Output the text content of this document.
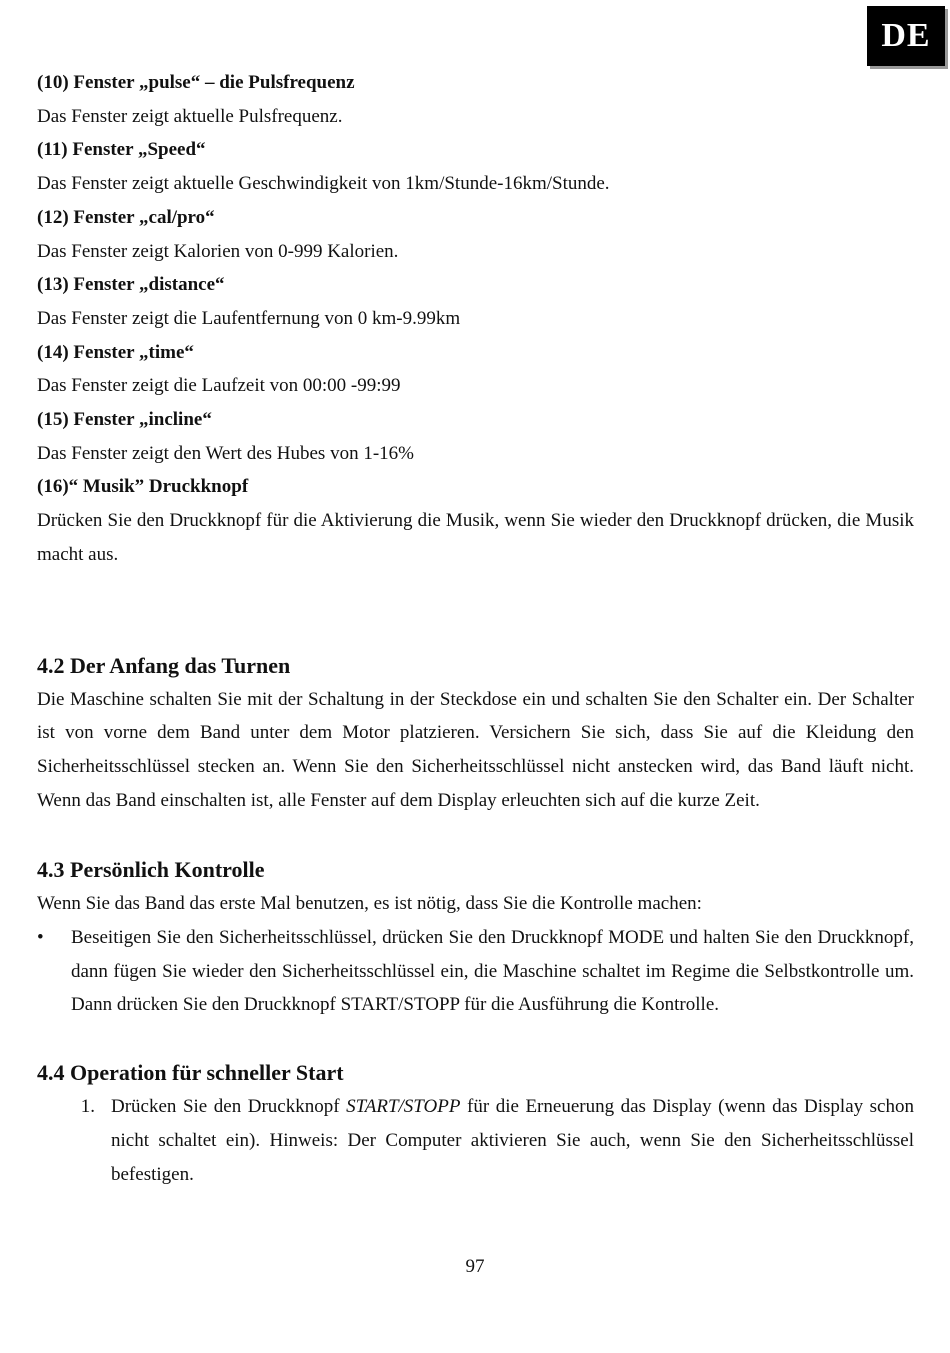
DE
(10) Fenster „pulse“ – die Pulsfrequenz
Das Fenster zeigt aktuelle Pulsfrequenz.
(11) Fenster „Speed“
Das Fenster zeigt aktuelle Geschwindigkeit von 1km/Stunde-16km/Stunde.
(12) Fenster „cal/pro“
Das Fenster zeigt Kalorien von 0-999 Kalorien.
(13) Fenster „distance“
Das Fenster zeigt die Laufentfernung von 0 km-9.99km
(14) Fenster „time“
Das Fenster zeigt die Laufzeit von 00:00 -99:99
(15) Fenster „incline“
Das Fenster zeigt den Wert des Hubes von 1-16%
(16)“ Musik” Druckknopf
Drücken Sie den Druckknopf für die Aktivierung die Musik, wenn Sie wieder den Druckknopf drücken, die Musik macht aus.
4.2 Der Anfang das Turnen

Die Maschine schalten Sie mit der Schaltung in der Steckdose ein und schalten Sie den Schalter ein. Der Schalter ist von vorne dem Band unter dem Motor platzieren. Versichern Sie sich, dass Sie auf die Kleidung den Sicherheitsschlüssel stecken an. Wenn Sie den Sicherheitsschlüssel nicht anstecken wird, das Band läuft nicht. Wenn das Band einschalten ist, alle Fenster auf dem Display erleuchten sich auf die kurze Zeit.

4.3 Persönlich Kontrolle

Wenn Sie das Band das erste Mal benutzen, es ist nötig, dass Sie die Kontrolle machen:

•	Beseitigen Sie den Sicherheitsschlüssel, drücken Sie den Druckknopf MODE und halten Sie den Druckknopf, dann fügen Sie wieder den Sicherheitsschlüssel ein, die Maschine schaltet im Regime die Selbstkontrolle um. Dann drücken Sie den Druckknopf START/STOPP für die Ausführung die Kontrolle.
4.4 Operation für schneller Start
1. Drücken Sie den Druckknopf START/STOPP für die Erneuerung das Display (wenn das Display schon nicht schaltet ein). Hinweis: Der Computer aktivieren Sie auch, wenn Sie den Sicherheitsschlüssel befestigen.
97
